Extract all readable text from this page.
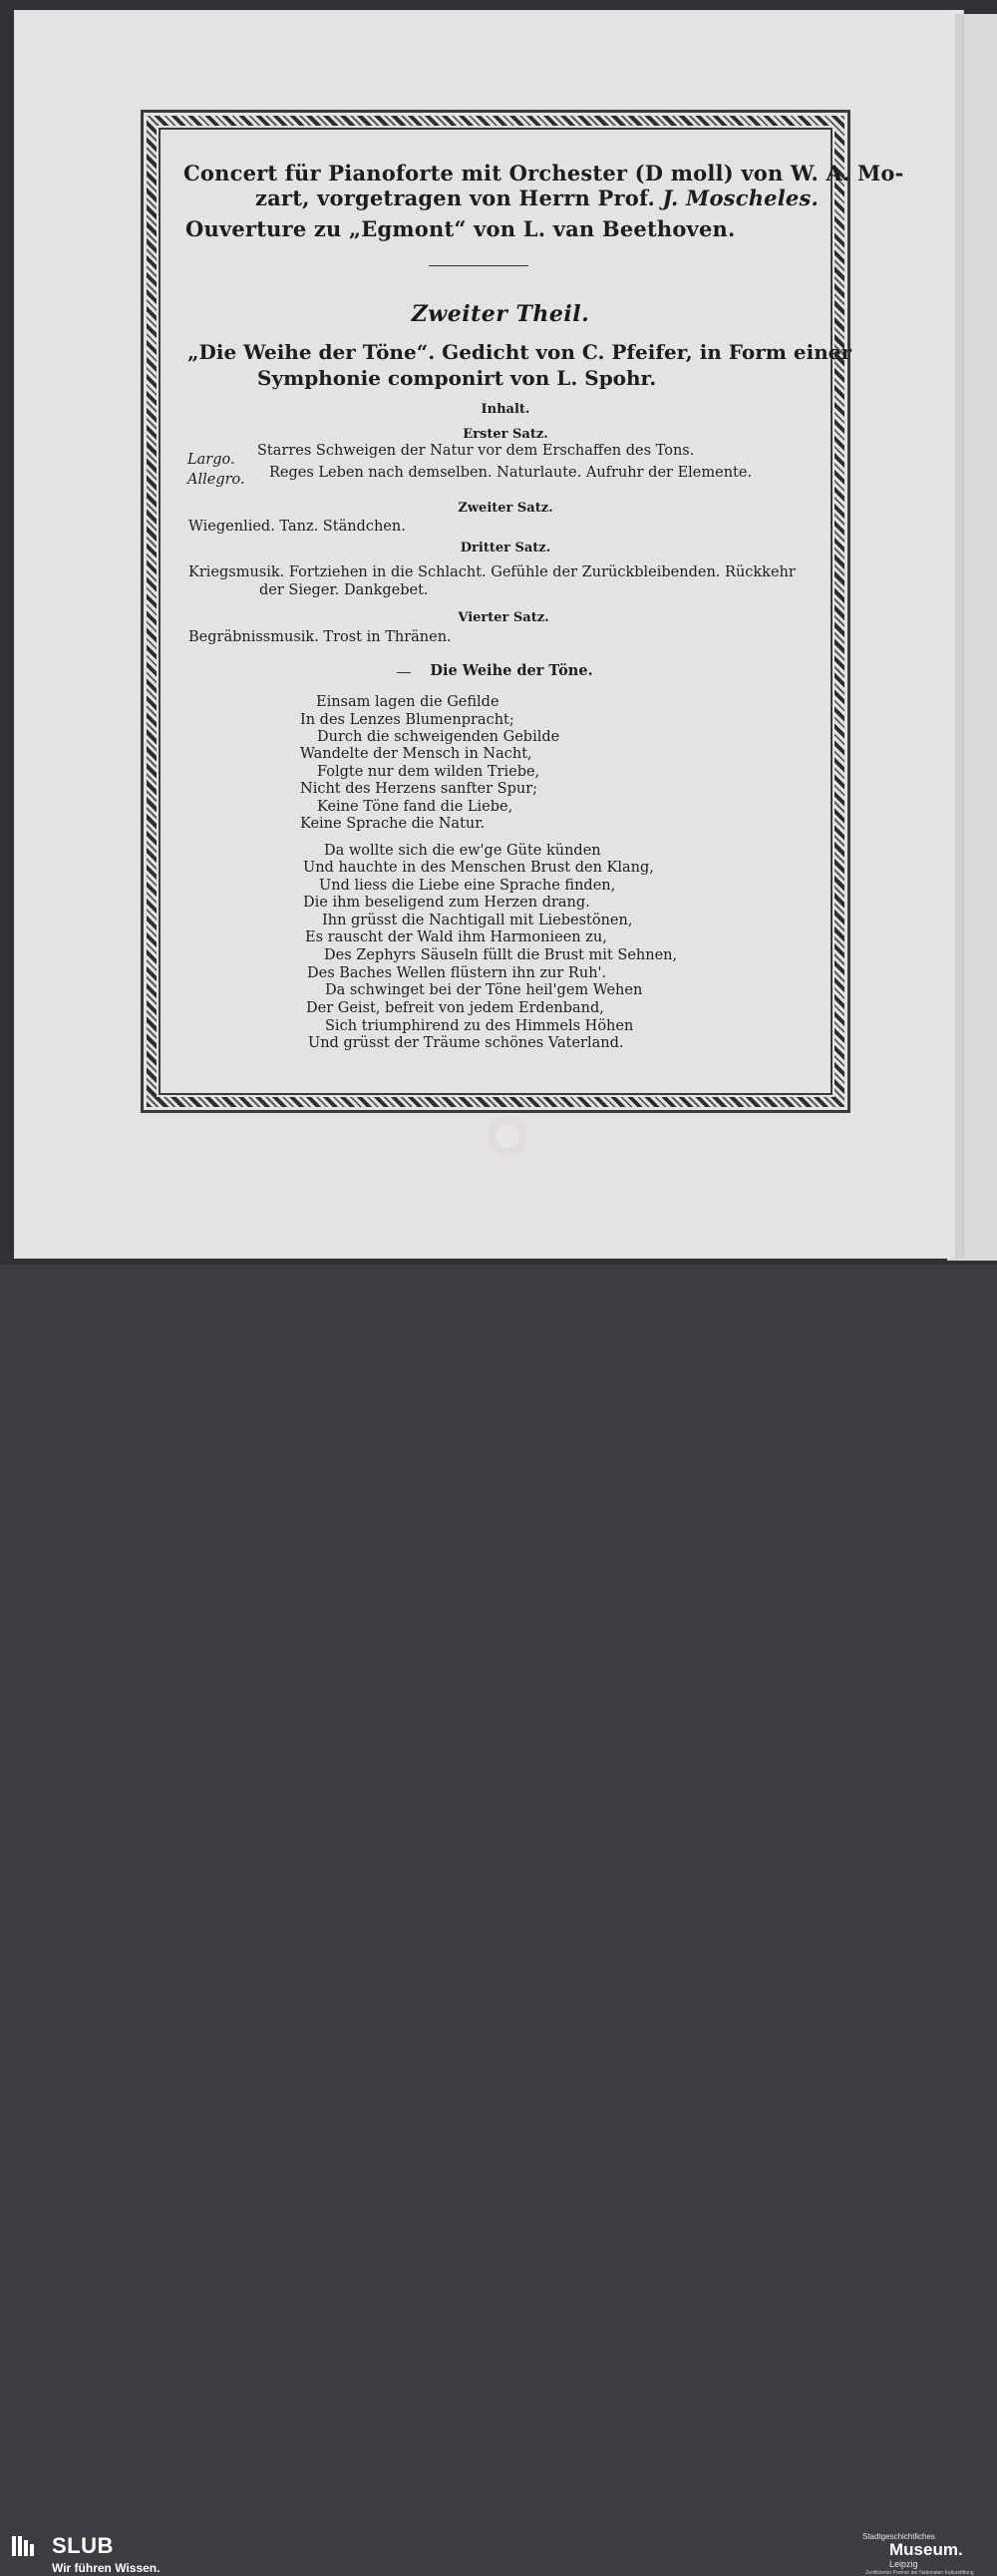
Concert für Pianoforte mit Orchester (D moll) von W. A. Mo-
zart, vorgetragen von Herrn Prof. J. Moscheles.
Ouverture zu „Egmont“ von L. van Beethoven.
Zweiter Theil.
„Die Weihe der Töne“. Gedicht von C. Pfeifer, in Form einer
Symphonie componirt von L. Spohr.
Inhalt.
Erster Satz.
Largo.
Starres Schweigen der Natur vor dem Erschaffen des Tons.
Allegro. Reges Leben nach demselben. Naturlaute. Aufruhr der Elemente.
Zweiter Satz.
Wiegenlied. Tanz. Ständchen.
Dritter Satz.
Kriegsmusik. Fortziehen in die Schlacht. Gefühle der Zurückbleibenden. Rückkehr
der Sieger. Dankgebet.
Vierter Satz.
Begräbnissmusik. Trost in Thränen.
Die Weihe der Töne.
Einsam lagen die Gefilde
In des Lenzes Blumenpracht;
Durch die schweigenden Gebilde
Wandelte der Mensch in Nacht,
Folgte nur dem wilden Triebe,
Nicht des Herzens sanfter Spur;
Keine Töne fand die Liebe,
Keine Sprache die Natur.
Da wollte sich die ew'ge Güte künden
Und hauchte in des Menschen Brust den Klang,
Und liess die Liebe eine Sprache finden,
Die ihm beseligend zum Herzen drang.
Ihn grüsst die Nachtigall mit Liebestönen,
Es rauscht der Wald ihm Harmonieen zu,
Des Zephyrs Säuseln füllt die Brust mit Sehnen,
Des Baches Wellen flüstern ihn zur Ruh'.
Da schwinget bei der Töne heil'gem Wehen
Der Geist, befreit von jedem Erdenband,
Sich triumphirend zu des Himmels Höhen
Und grüsst der Träume schönes Vaterland.
SLUB
Wir führen Wissen.
Stadtgeschichtliches
Museum.
Leipzig
Zertifizierter Partner der Nationalen Kulturstiftung
